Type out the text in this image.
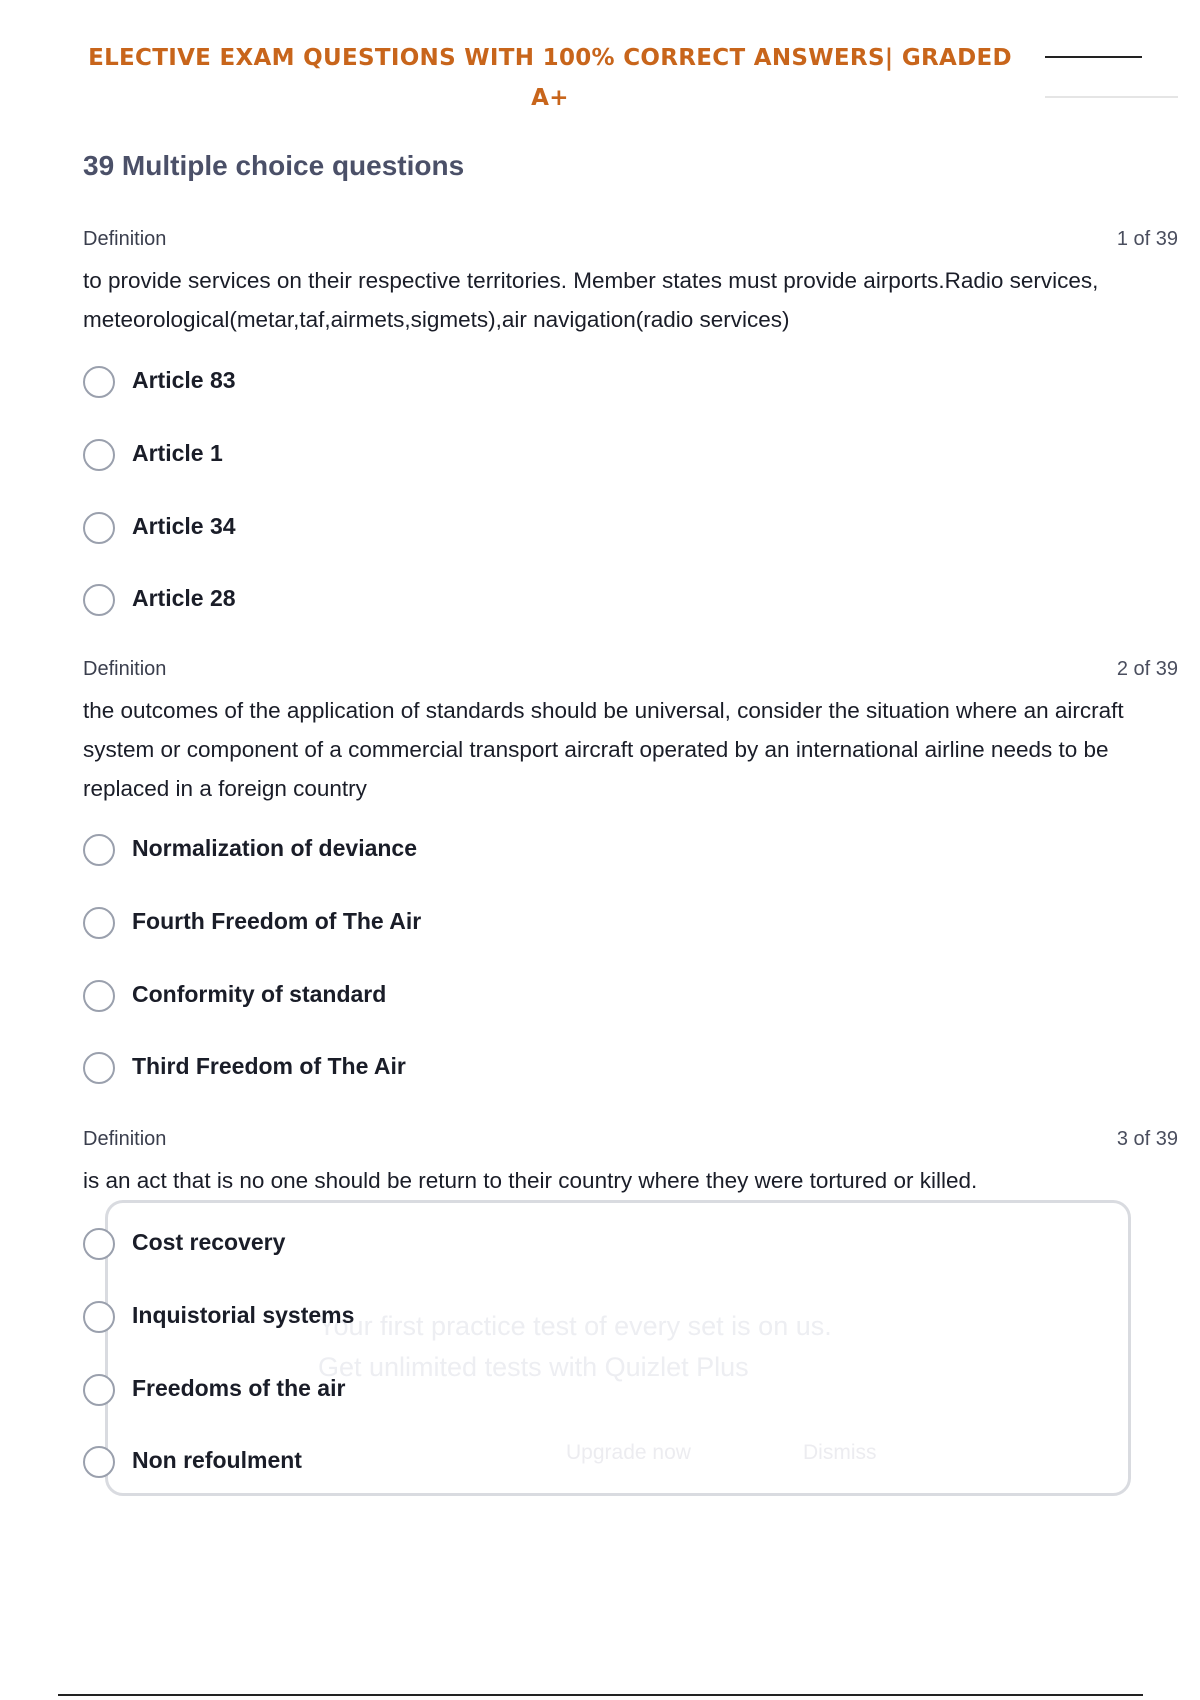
ELECTIVE EXAM QUESTIONS WITH 100% CORRECT ANSWERS| GRADED
A+
39 Multiple choice questions
Definition	1 of 39

to provide services on their respective territories. Member states must provide airports.Radio services, meteorological(metar,taf,airmets,sigmets),air navigation(radio services)

Article 83
Article 1
Article 34
Article 28
Definition	2 of 39

the outcomes of the application of standards should be universal, consider the situation where an aircraft system or component of a commercial transport aircraft operated by an international airline needs to be replaced in a foreign country

Normalization of deviance
Fourth Freedom of The Air
Conformity of standard
Third Freedom of The Air
Definition	3 of 39

is an act that is no one should be return to their country where they were tortured or killed.

Your first practice test of every set is on us.
Get unlimited tests with Quizlet Plus
Upgrade now	Dismiss
Cost recovery
Inquistorial systems
Freedoms of the air
Non refoulment
